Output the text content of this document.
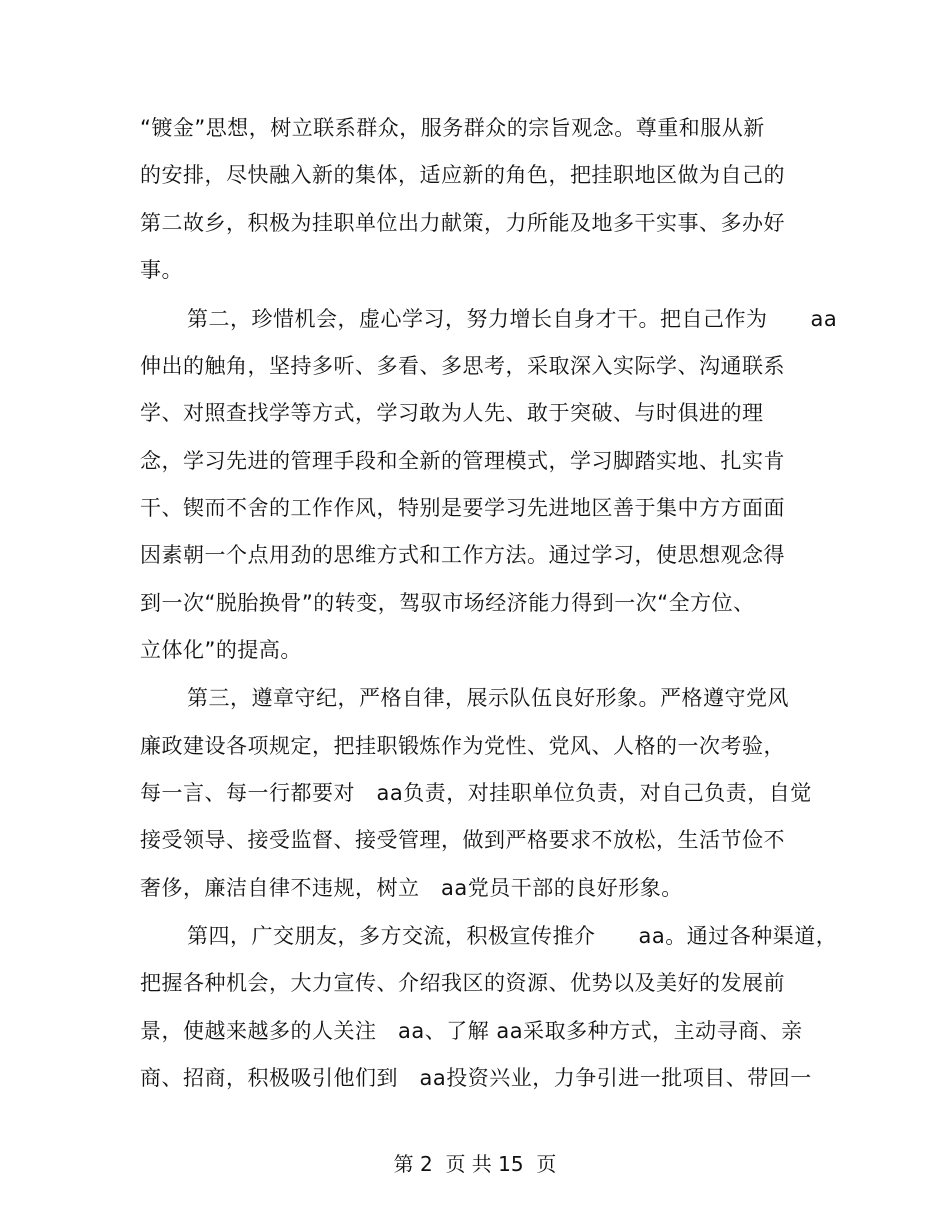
“镀金”思想，树立联系群众，服务群众的宗旨观念。尊重和服从新
的安排，尽快融入新的集体，适应新的角色，把挂职地区做为自己的
第二故乡，积极为挂职单位出力献策，力所能及地多干实事、多办好
事。
第二，珍惜机会，虚心学习，努力增长自身才干。把自己作为　　aa
伸出的触角，坚持多听、多看、多思考，采取深入实际学、沟通联系
学、对照查找学等方式，学习敢为人先、敢于突破、与时俱进的理
念，学习先进的管理手段和全新的管理模式，学习脚踏实地、扎实肯
干、锲而不舍的工作作风，特别是要学习先进地区善于集中方方面面
因素朝一个点用劲的思维方式和工作方法。通过学习，使思想观念得
到一次“脱胎换骨”的转变，驾驭市场经济能力得到一次“全方位、
立体化”的提高。
第三，遵章守纪，严格自律，展示队伍良好形象。严格遵守党风
廉政建设各项规定，把挂职锻炼作为党性、党风、人格的一次考验，
每一言、每一行都要对　aa负责，对挂职单位负责，对自己负责，自觉
接受领导、接受监督、接受管理，做到严格要求不放松，生活节俭不
奢侈，廉洁自律不违规，树立　aa党员干部的良好形象。
第四，广交朋友，多方交流，积极宣传推介　　aa。通过各种渠道，
把握各种机会，大力宣传、介绍我区的资源、优势以及美好的发展前
景，使越来越多的人关注　aa、了解 aa采取多种方式，主动寻商、亲
商、招商，积极吸引他们到　aa投资兴业，力争引进一批项目、带回一
第 2  页 共 15  页
